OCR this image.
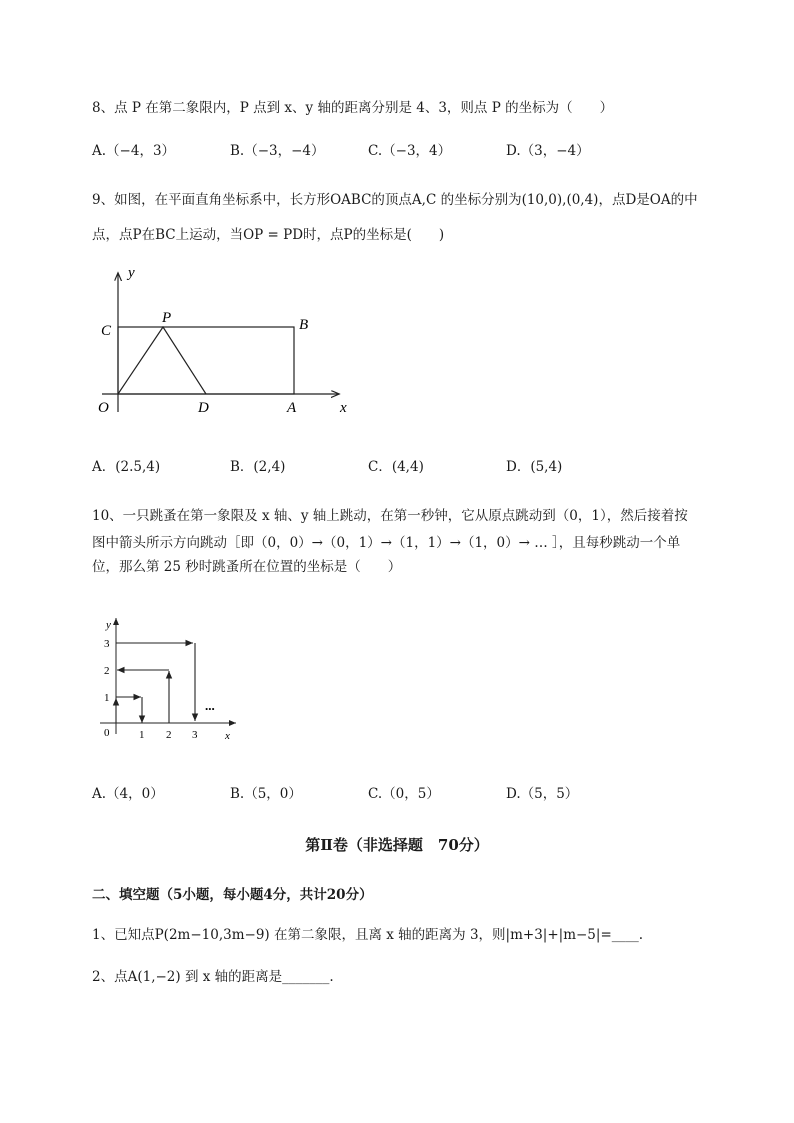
8、点 P 在第二象限内，P 点到 x、y 轴的距离分别是 4、3，则点 P 的坐标为（　　）
A.（−4，3）	B.（−3，−4）	C.（−3，4）	D.（3，−4）
9、如图，在平面直角坐标系中，长方形OABC的顶点A,C 的坐标分别为(10,0),(0,4)，点D是OA的中
点，点P在BC上运动，当OP = PD时，点P的坐标是(　　)
y
C
P	B
O	D	A	x
A．(2.5,4)	B．(2,4)	C．(4,4)	D．(5,4)
10、一只跳蚤在第一象限及 x 轴、y 轴上跳动，在第一秒钟，它从原点跳动到（0，1），然后接着按
图中箭头所示方向跳动［即（0，0）→（0，1）→（1，1）→（1，0）→ … ］，且每秒跳动一个单
位，那么第 25 秒时跳蚤所在位置的坐标是（　　）
y
3
2
1
0	1 2 3	x
...
A.（4，0）	B.（5，0）	C.（0，5）	D.（5，5）
第Ⅱ卷（非选择题　70分）
二、填空题（5小题，每小题4分，共计20分）
1、已知点P(2m−10,3m−9) 在第二象限，且离 x 轴的距离为 3，则|m+3|+|m−5|=____.
2、点A(1,−2) 到 x 轴的距离是_______.
